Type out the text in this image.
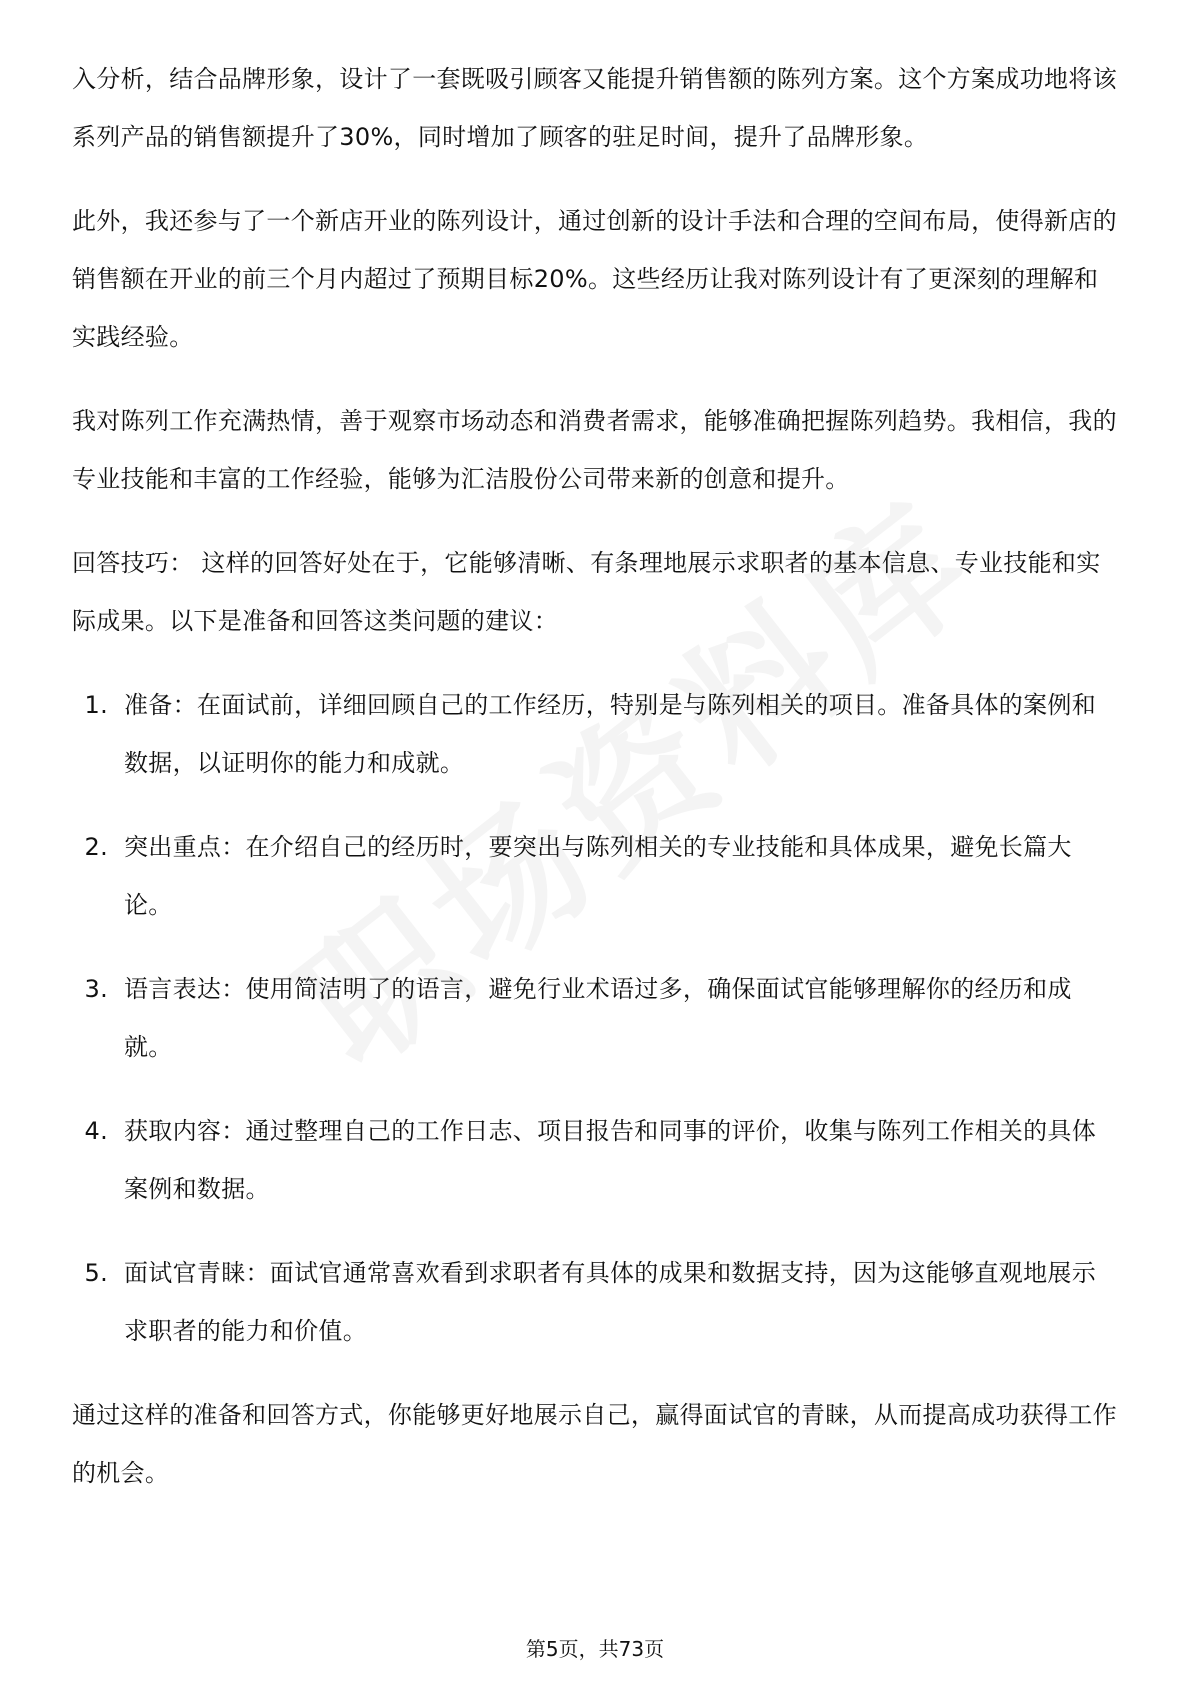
入分析，结合品牌形象，设计了一套既吸引顾客又能提升销售额的陈列方案。这个方案成功地将该系列产品的销售额提升了30%，同时增加了顾客的驻足时间，提升了品牌形象。

此外，我还参与了一个新店开业的陈列设计，通过创新的设计手法和合理的空间布局，使得新店的销售额在开业的前三个月内超过了预期目标20%。这些经历让我对陈列设计有了更深刻的理解和实践经验。

我对陈列工作充满热情，善于观察市场动态和消费者需求，能够准确把握陈列趋势。我相信，我的专业技能和丰富的工作经验，能够为汇洁股份公司带来新的创意和提升。

回答技巧： 这样的回答好处在于，它能够清晰、有条理地展示求职者的基本信息、专业技能和实际成果。以下是准备和回答这类问题的建议：

1. 准备：在面试前，详细回顾自己的工作经历，特别是与陈列相关的项目。准备具体的案例和数据，以证明你的能力和成就。
2. 突出重点：在介绍自己的经历时，要突出与陈列相关的专业技能和具体成果，避免长篇大论。
3. 语言表达：使用简洁明了的语言，避免行业术语过多，确保面试官能够理解你的经历和成就。
4. 获取内容：通过整理自己的工作日志、项目报告和同事的评价，收集与陈列工作相关的具体案例和数据。
5. 面试官青睐：面试官通常喜欢看到求职者有具体的成果和数据支持，因为这能够直观地展示求职者的能力和价值。

通过这样的准备和回答方式，你能够更好地展示自己，赢得面试官的青睐，从而提高成功获得工作的机会。

第5页，共73页
